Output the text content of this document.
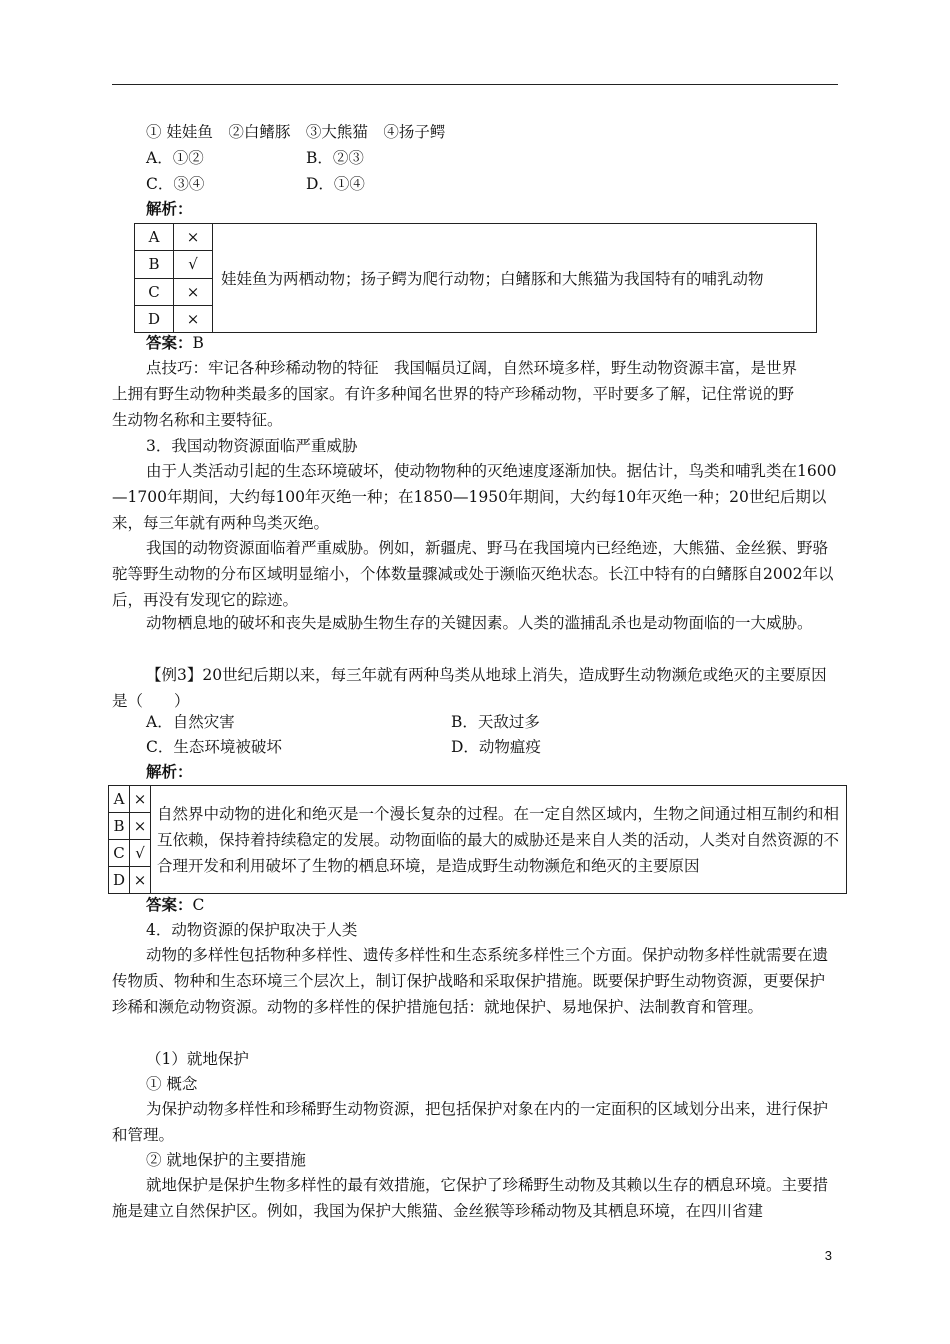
① 娃娃鱼　②白鳍豚　③大熊猫　④扬子鳄
A．①②	B．②③
C．③④	D．①④
解析：
A	×	娃娃鱼为两栖动物；扬子鳄为爬行动物；白鳍豚和大熊猫为我国特有的哺乳动物
B	√	
C	×	
D	×	
答案：B
点技巧：牢记各种珍稀动物的特征　我国幅员辽阔，自然环境多样，野生动物资源丰富，是世界
上拥有野生动物种类最多的国家。有许多种闻名世界的特产珍稀动物，平时要多了解，记住常说的野
生动物名称和主要特征。
3．我国动物资源面临严重威胁
由于人类活动引起的生态环境破坏，使动物物种的灭绝速度逐渐加快。据估计，鸟类和哺乳类在1600—1700年期间，大约每100年灭绝一种；在1850—1950年期间，大约每10年灭绝一种；20世纪后期以来，每三年就有两种鸟类灭绝。
我国的动物资源面临着严重威胁。例如，新疆虎、野马在我国境内已经绝迹，大熊猫、金丝猴、野骆驼等野生动物的分布区域明显缩小，个体数量骤减或处于濒临灭绝状态。长江中特有的白鳍豚自2002年以后，再没有发现它的踪迹。
动物栖息地的破坏和丧失是威胁生物生存的关键因素。人类的滥捕乱杀也是动物面临的一大威胁。
【例3】20世纪后期以来，每三年就有两种鸟类从地球上消失，造成野生动物濒危或绝灭的主要原因是（　　）
A．自然灾害	B．天敌过多
C．生态环境被破坏	D．动物瘟疫
解析：
A	×	自然界中动物的进化和绝灭是一个漫长复杂的过程。在一定自然区域内，生物之间通过相互制约和相互依赖，保持着持续稳定的发展。动物面临的最大的威胁还是来自人类的活动，人类对自然资源的不合理开发和利用破坏了生物的栖息环境，是造成野生动物濒危和绝灭的主要原因
B	×	
C	√	
D	×	
答案：C
4．动物资源的保护取决于人类
动物的多样性包括物种多样性、遗传多样性和生态系统多样性三个方面。保护动物多样性就需要在遗传物质、物种和生态环境三个层次上，制订保护战略和采取保护措施。既要保护野生动物资源，更要保护珍稀和濒危动物资源。动物的多样性的保护措施包括：就地保护、易地保护、法制教育和管理。
（1）就地保护
① 概念
为保护动物多样性和珍稀野生动物资源，把包括保护对象在内的一定面积的区域划分出来，进行保护和管理。
② 就地保护的主要措施
就地保护是保护生物多样性的最有效措施，它保护了珍稀野生动物及其赖以生存的栖息环境。主要措施是建立自然保护区。例如，我国为保护大熊猫、金丝猴等珍稀动物及其栖息环境，在四川省建
3
